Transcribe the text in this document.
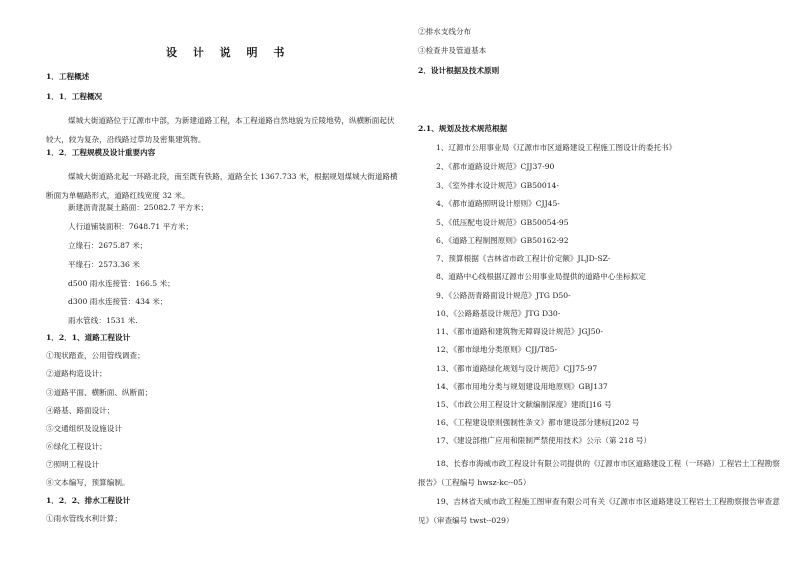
设 计 说 明 书
1．工程概述
1．1．工程概况
煤城大街道路位于辽源市中部，为新建道路工程，本工程道路自然地貌为丘陵地势，纵横断面起伏较大，较为复杂，沿线路过草坊及密集建筑物。
1．2．工程规模及设计重要内容
煤城大街道路北起一环路北段，南至既有铁路，道路全长 1367.733 米，根据规划煤城大街道路横断面为单幅路形式，道路红线宽度 32 米。
新建沥青混凝土路面：25082.7 平方米；
人行道铺装面积：7648.71 平方米；
立缘石：2675.87 米；
平缘石：2573.36 米
d500 雨水连接管：166.5 米；
d300 雨水连接管：434 米；
雨水管线：1531 米.
1．2．1、道路工程设计
①现状踏查，公用管线调查；
②道路构造设计；
③道路平面、横断面、纵断面；
④路基、路面设计；
⑤交通组织及设施设计
⑥绿化工程设计；
⑦照明工程设计
⑧文本编写，预算编制。
1．2．2、排水工程设计
①雨水管线水利计算；
②排水支线分布
③检查井及管道基本
2．设计根据及技术原则
2.1、规划及技术规范根据
1、辽源市公用事业局《辽源市市区道路建设工程施工图设计的委托书》
2、《都市道路设计规范》CJJ37-90
3、《室外排水设计规范》GB50014-
4、《都市道路照明设计原则》CJJ45-
5、《低压配电设计规范》GB50054-95
6、《道路工程制图原则》GB50162-92
7、预算根据《吉林省市政工程计价定额》JLJD-SZ-
8、道路中心线根据辽源市公用事业局提供的道路中心坐标拟定
9、《公路沥青路面设计规范》JTG D50-
10、《公路路基设计规范》JTG D30-
11、《都市道路和建筑物无障碍设计规范》JGJ50-
12、《都市绿地分类原则》CJJ/T85-
13、《都市道路绿化规划与设计规范》CJJ75-97
14、《都市用地分类与规划建设用地原则》GBJ137
15、《市政公用工程设计文献编制深度》建质[]16 号
16、《工程建设原则强制性条文》都市建设部分建标[]202 号
17、《建设部推广应用和限制严禁使用技术》公示（第 218 号）
18、长春市海威市政工程设计有限公司提供的《辽源市市区道路建设工程（一环路）工程岩土工程勘察报告》（工程编号 hwsz-kc--05）
19、吉林省天威市政工程施工图审查有限公司有关《辽源市市区道路建设工程岩土工程勘察报告审查意见》（审查编号 twst--029）
